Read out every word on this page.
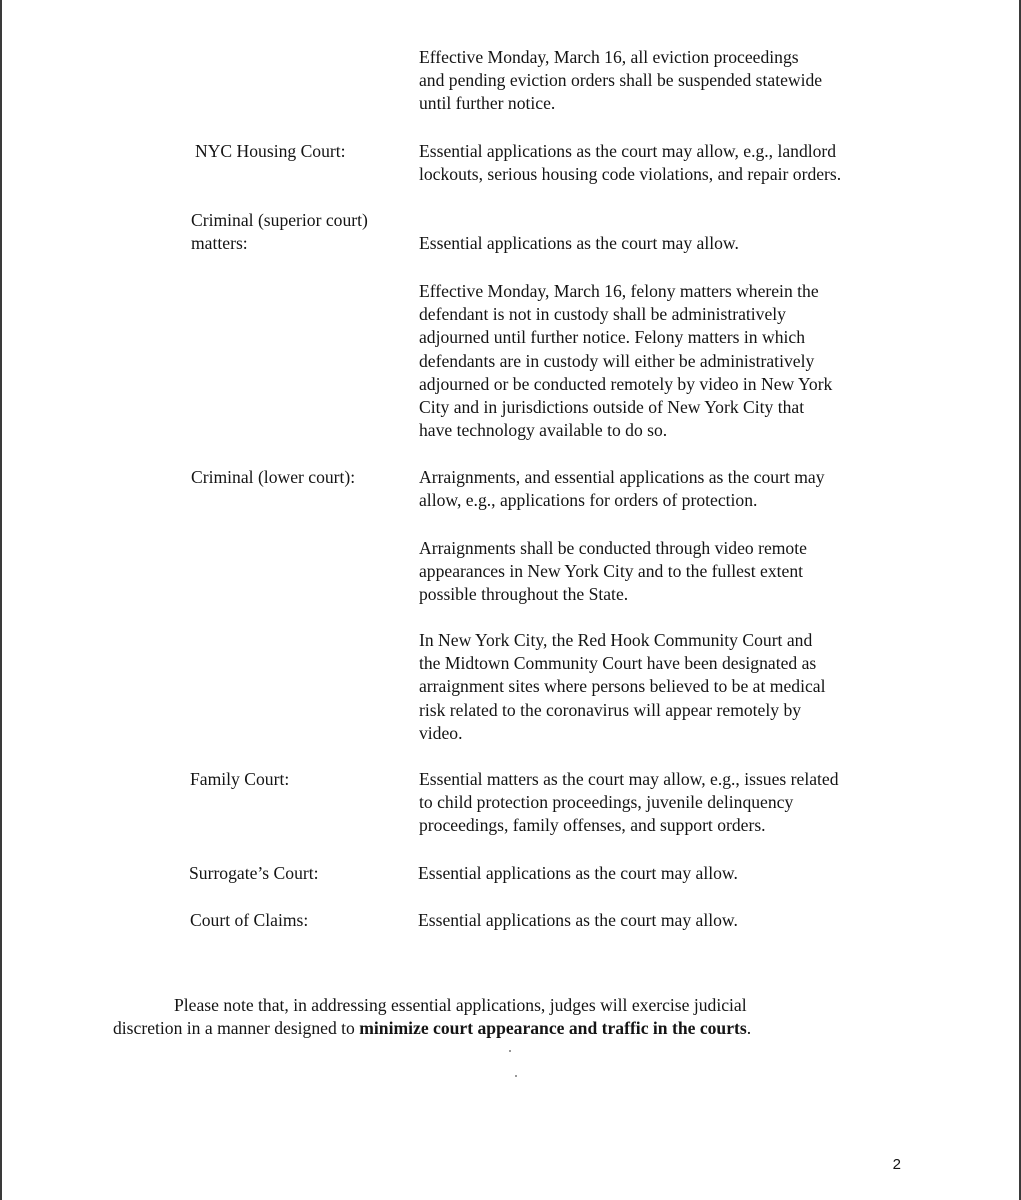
Effective Monday, March 16, all eviction proceedings
and pending eviction orders shall be suspended statewide
until further notice.
NYC Housing Court:	Essential applications as the court may allow, e.g., landlord
lockouts, serious housing code violations, and repair orders.
Criminal (superior court)
matters:	Essential applications as the court may allow.
Effective Monday, March 16, felony matters wherein the
defendant is not in custody shall be administratively
adjourned until further notice. Felony matters in which
defendants are in custody will either be administratively
adjourned or be conducted remotely by video in New York
City and in jurisdictions outside of New York City that
have technology available to do so.
Criminal (lower court):	Arraignments, and essential applications as the court may
allow, e.g., applications for orders of protection.
Arraignments shall be conducted through video remote
appearances in New York City and to the fullest extent
possible throughout the State.
In New York City, the Red Hook Community Court and
the Midtown Community Court have been designated as
arraignment sites where persons believed to be at medical
risk related to the coronavirus will appear remotely by
video.
Family Court:	Essential matters as the court may allow, e.g., issues related
to child protection proceedings, juvenile delinquency
proceedings, family offenses, and support orders.
Surrogate’s Court:	Essential applications as the court may allow.
Court of Claims:	Essential applications as the court may allow.
Please note that, in addressing essential applications, judges will exercise judicial
discretion in a manner designed to minimize court appearance and traffic in the courts.
2
